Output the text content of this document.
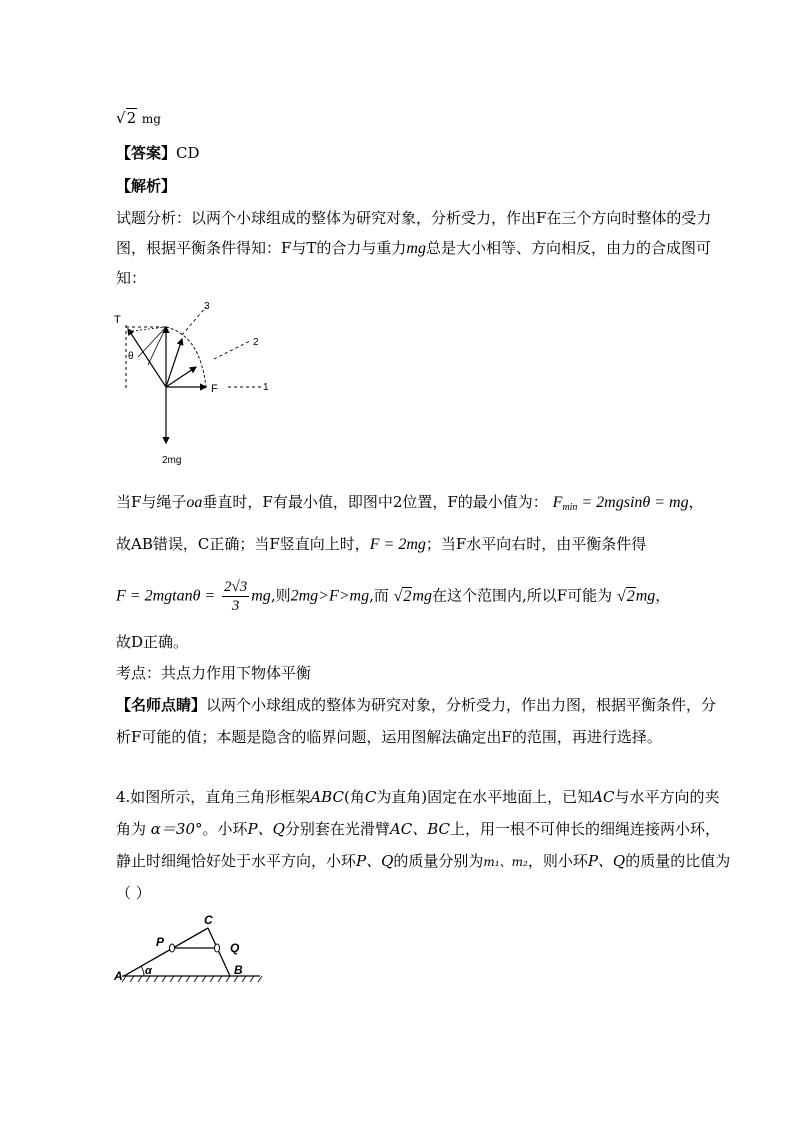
√2 mg
【答案】CD
【解析】
试题分析：以两个小球组成的整体为研究对象，分析受力，作出F在三个方向时整体的受力
图，根据平衡条件得知：F与T的合力与重力mg总是大小相等、方向相反，由力的合成图可
知：
T
θ
F
2mg
1
2
3
当F与绳子oa垂直时，F有最小值，即图中2位置，F的最小值为： $F_{min} = 2mgsin\theta$ = mg，
故AB错误，C正确；当F竖直向上时，F = 2mg；当F水平向右时，由平衡条件得
$F = 2mgtan\theta = \frac{2√3}{3}$ mg,则2mg>F>mg,而 √2mg在这个范围内,所以F可能为 √2mg，
故D正确。
考点：共点力作用下物体平衡
【名师点睛】以两个小球组成的整体为研究对象，分析受力，作出力图，根据平衡条件，分
析F可能的值；本题是隐含的临界问题，运用图解法确定出F的范围，再进行选择。
4.如图所示，直角三角形框架ABC(角C为直角)固定在水平地面上，已知AC与水平方向的夹
角为 α＝30°。小环P、Q分别套在光滑臂AC、BC上，用一根不可伸长的细绳连接两小环，
静止时细绳恰好处于水平方向，小环P、Q的质量分别为m₁、m₂，则小环P、Q的质量的比值为
（ ）
A	B
C
P	Q
α
